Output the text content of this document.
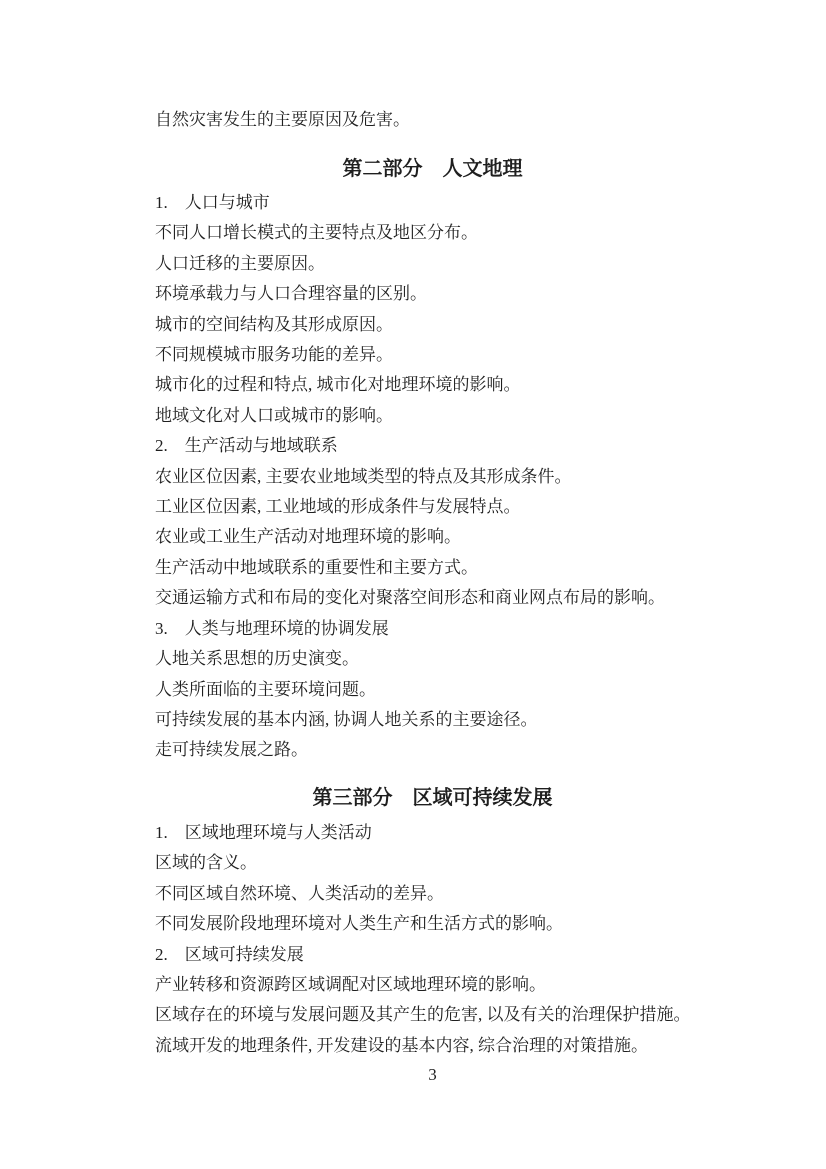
自然灾害发生的主要原因及危害。

第二部分　人文地理

1.　人口与城市

不同人口增长模式的主要特点及地区分布。

人口迁移的主要原因。

环境承载力与人口合理容量的区别。

城市的空间结构及其形成原因。

不同规模城市服务功能的差异。

城市化的过程和特点, 城市化对地理环境的影响。

地域文化对人口或城市的影响。

2.　生产活动与地域联系

农业区位因素, 主要农业地域类型的特点及其形成条件。

工业区位因素, 工业地域的形成条件与发展特点。

农业或工业生产活动对地理环境的影响。

生产活动中地域联系的重要性和主要方式。

交通运输方式和布局的变化对聚落空间形态和商业网点布局的影响。

3.　人类与地理环境的协调发展

人地关系思想的历史演变。

人类所面临的主要环境问题。

可持续发展的基本内涵, 协调人地关系的主要途径。

走可持续发展之路。

第三部分　区域可持续发展

1.　区域地理环境与人类活动

区域的含义。

不同区域自然环境、人类活动的差异。

不同发展阶段地理环境对人类生产和生活方式的影响。

2.　区域可持续发展

产业转移和资源跨区域调配对区域地理环境的影响。

区域存在的环境与发展问题及其产生的危害, 以及有关的治理保护措施。

流域开发的地理条件, 开发建设的基本内容, 综合治理的对策措施。

3
